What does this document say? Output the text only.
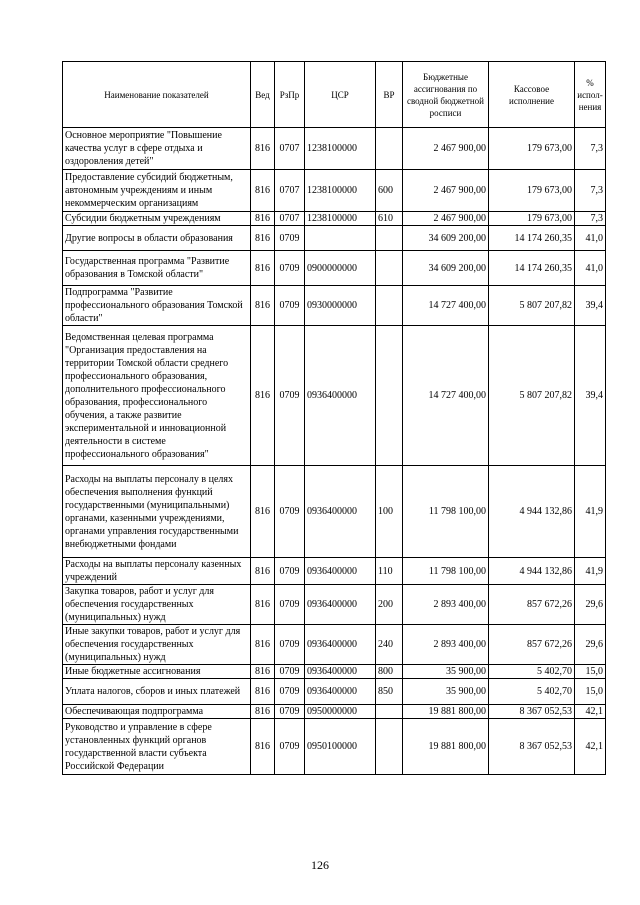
Наименование показателей	Вед	РзПр	ЦСР	ВР	Бюджетные ассигнования по сводной бюджетной росписи	Кассовое исполнение	% испол-нения
Основное мероприятие "Повышение качества услуг в сфере отдыха и оздоровления детей"	816	0707	1238100000		2 467 900,00	179 673,00	7,3
Предоставление субсидий бюджетным, автономным учреждениям и иным некоммерческим организациям	816	0707	1238100000	600	2 467 900,00	179 673,00	7,3
Субсидии бюджетным учреждениям	816	0707	1238100000	610	2 467 900,00	179 673,00	7,3
Другие вопросы в области образования	816	0709			34 609 200,00	14 174 260,35	41,0
Государственная программа "Развитие образования в Томской области"	816	0709	0900000000		34 609 200,00	14 174 260,35	41,0
Подпрограмма "Развитие профессионального образования Томской области"	816	0709	0930000000		14 727 400,00	5 807 207,82	39,4
Ведомственная целевая программа "Организация предоставления на территории Томской области среднего профессионального образования, дополнительного профессионального образования, профессионального обучения, а также развитие экспериментальной и инновационной деятельности в системе профессионального образования"	816	0709	0936400000		14 727 400,00	5 807 207,82	39,4
Расходы на выплаты персоналу в целях обеспечения выполнения функций государственными (муниципальными) органами, казенными учреждениями, органами управления государственными внебюджетными фондами	816	0709	0936400000	100	11 798 100,00	4 944 132,86	41,9
Расходы на выплаты персоналу казенных учреждений	816	0709	0936400000	110	11 798 100,00	4 944 132,86	41,9
Закупка товаров, работ и услуг для обеспечения государственных (муниципальных) нужд	816	0709	0936400000	200	2 893 400,00	857 672,26	29,6
Иные закупки товаров, работ и услуг для обеспечения государственных (муниципальных) нужд	816	0709	0936400000	240	2 893 400,00	857 672,26	29,6
Иные бюджетные ассигнования	816	0709	0936400000	800	35 900,00	5 402,70	15,0
Уплата налогов, сборов и иных платежей	816	0709	0936400000	850	35 900,00	5 402,70	15,0
Обеспечивающая подпрограмма	816	0709	0950000000		19 881 800,00	8 367 052,53	42,1
Руководство и управление в сфере установленных функций органов государственной власти субъекта Российской Федерации	816	0709	0950100000		19 881 800,00	8 367 052,53	42,1
126
